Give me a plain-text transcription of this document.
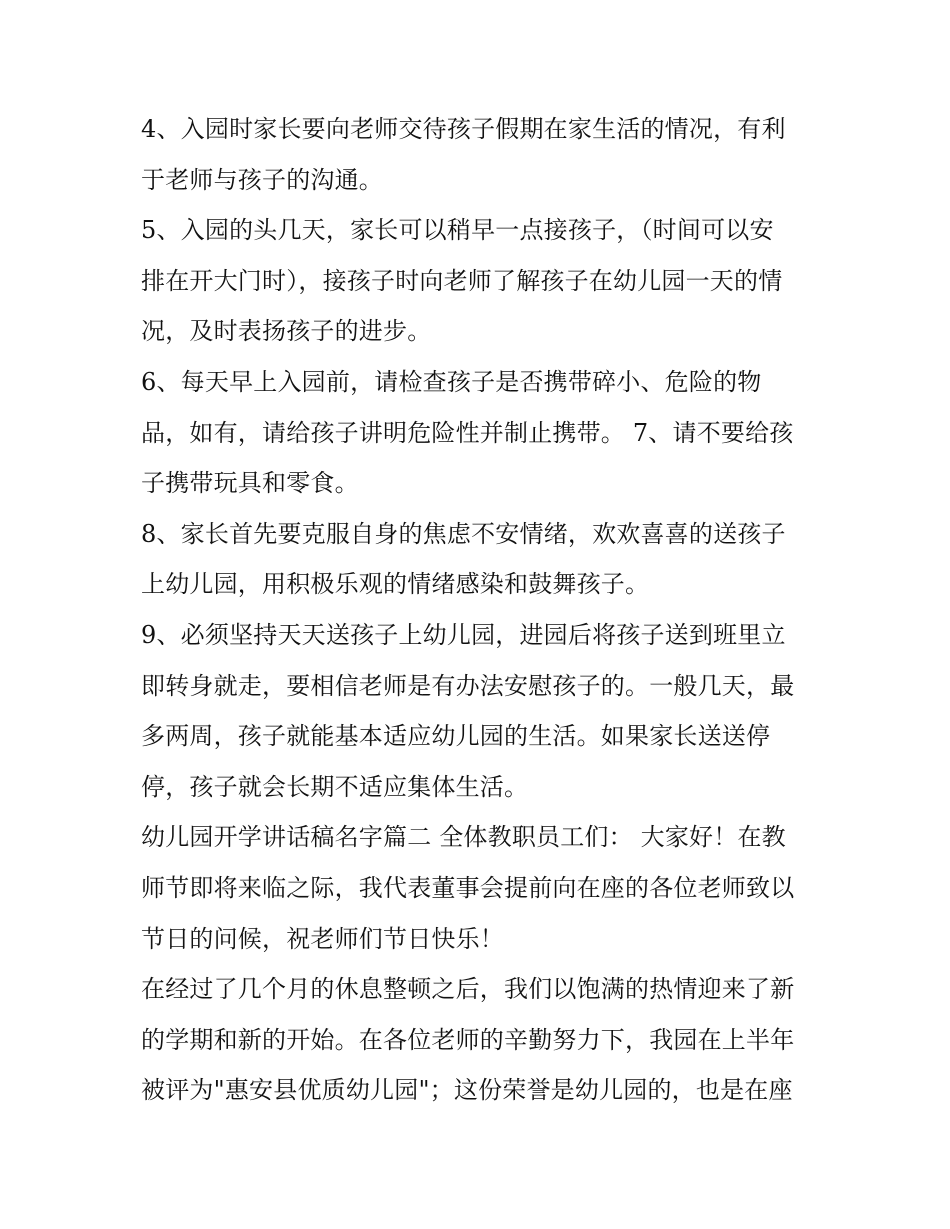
4、入园时家长要向老师交待孩子假期在家生活的情况，有利
于老师与孩子的沟通。
5、入园的头几天，家长可以稍早一点接孩子，（时间可以安
排在开大门时），接孩子时向老师了解孩子在幼儿园一天的情
况，及时表扬孩子的进步。
6、每天早上入园前，请检查孩子是否携带碎小、危险的物
品，如有，请给孩子讲明危险性并制止携带。 7、请不要给孩
子携带玩具和零食。
8、家长首先要克服自身的焦虑不安情绪，欢欢喜喜的送孩子
上幼儿园，用积极乐观的情绪感染和鼓舞孩子。
9、必须坚持天天送孩子上幼儿园，进园后将孩子送到班里立
即转身就走，要相信老师是有办法安慰孩子的。一般几天，最
多两周，孩子就能基本适应幼儿园的生活。如果家长送送停
停，孩子就会长期不适应集体生活。
幼儿园开学讲话稿名字篇二 全体教职员工们： 大家好！在教
师节即将来临之际，我代表董事会提前向在座的各位老师致以
节日的问候，祝老师们节日快乐！
在经过了几个月的休息整顿之后，我们以饱满的热情迎来了新
的学期和新的开始。在各位老师的辛勤努力下，我园在上半年
被评为"惠安县优质幼儿园"；这份荣誉是幼儿园的，也是在座
